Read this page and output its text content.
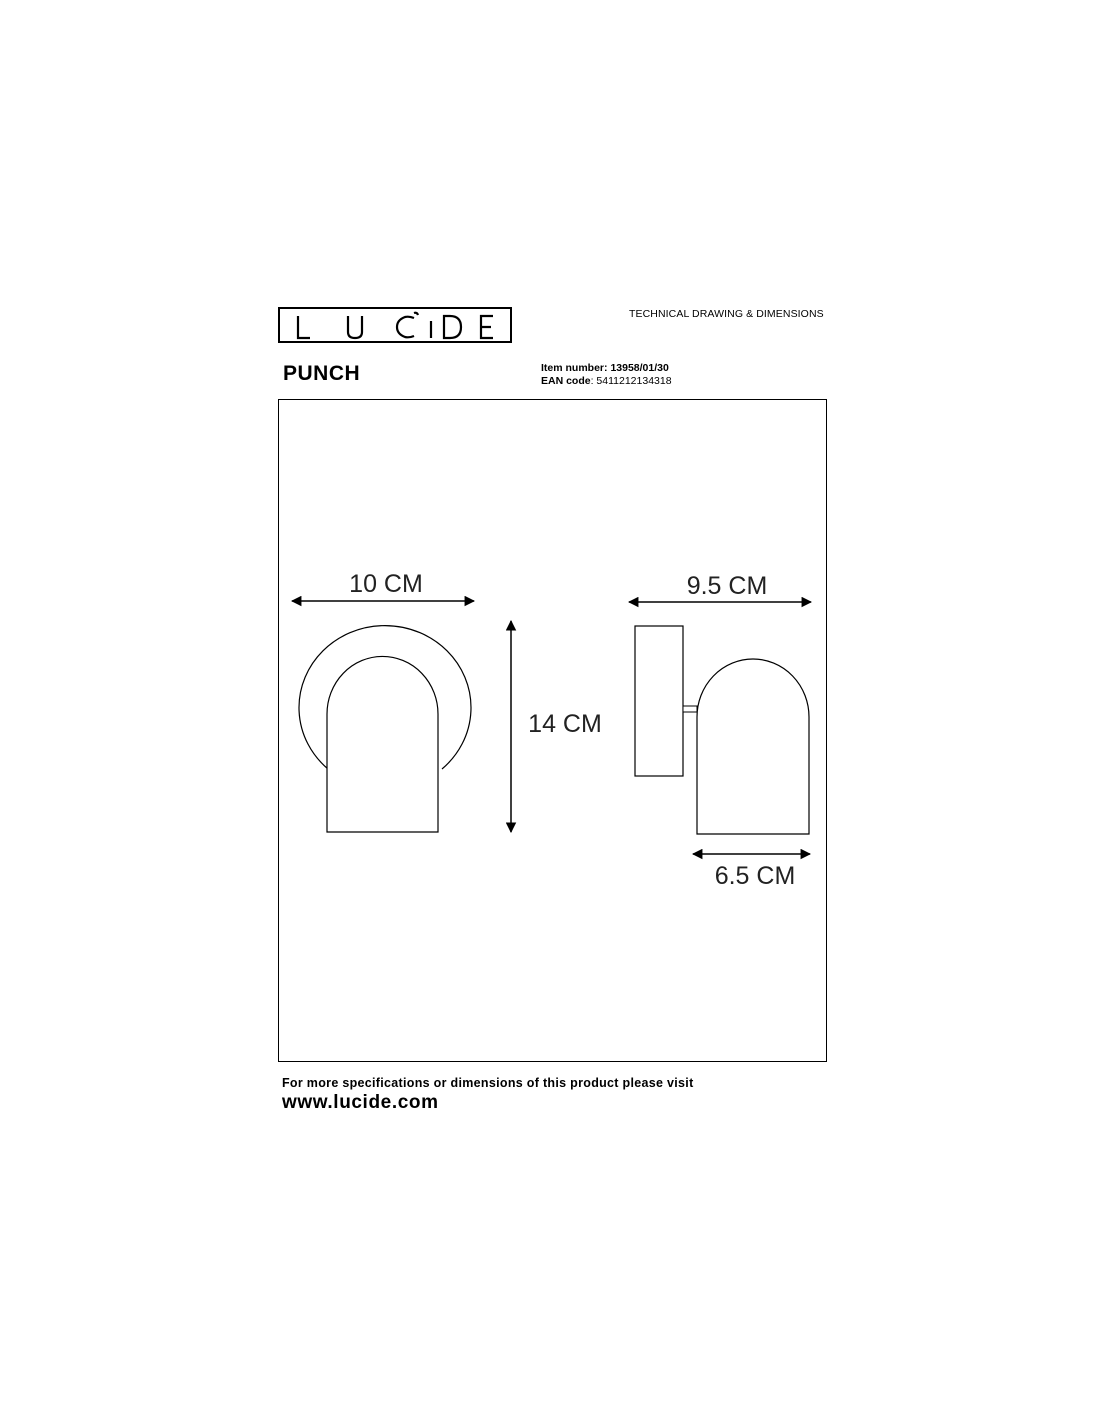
TECHNICAL DRAWING & DIMENSIONS
PUNCH	Item number: 13958/01/30
EAN code: 5411212134318
10 CM
14 CM
9.5 CM
6.5 CM
For more specifications or dimensions of this product please visit
www.lucide.com
